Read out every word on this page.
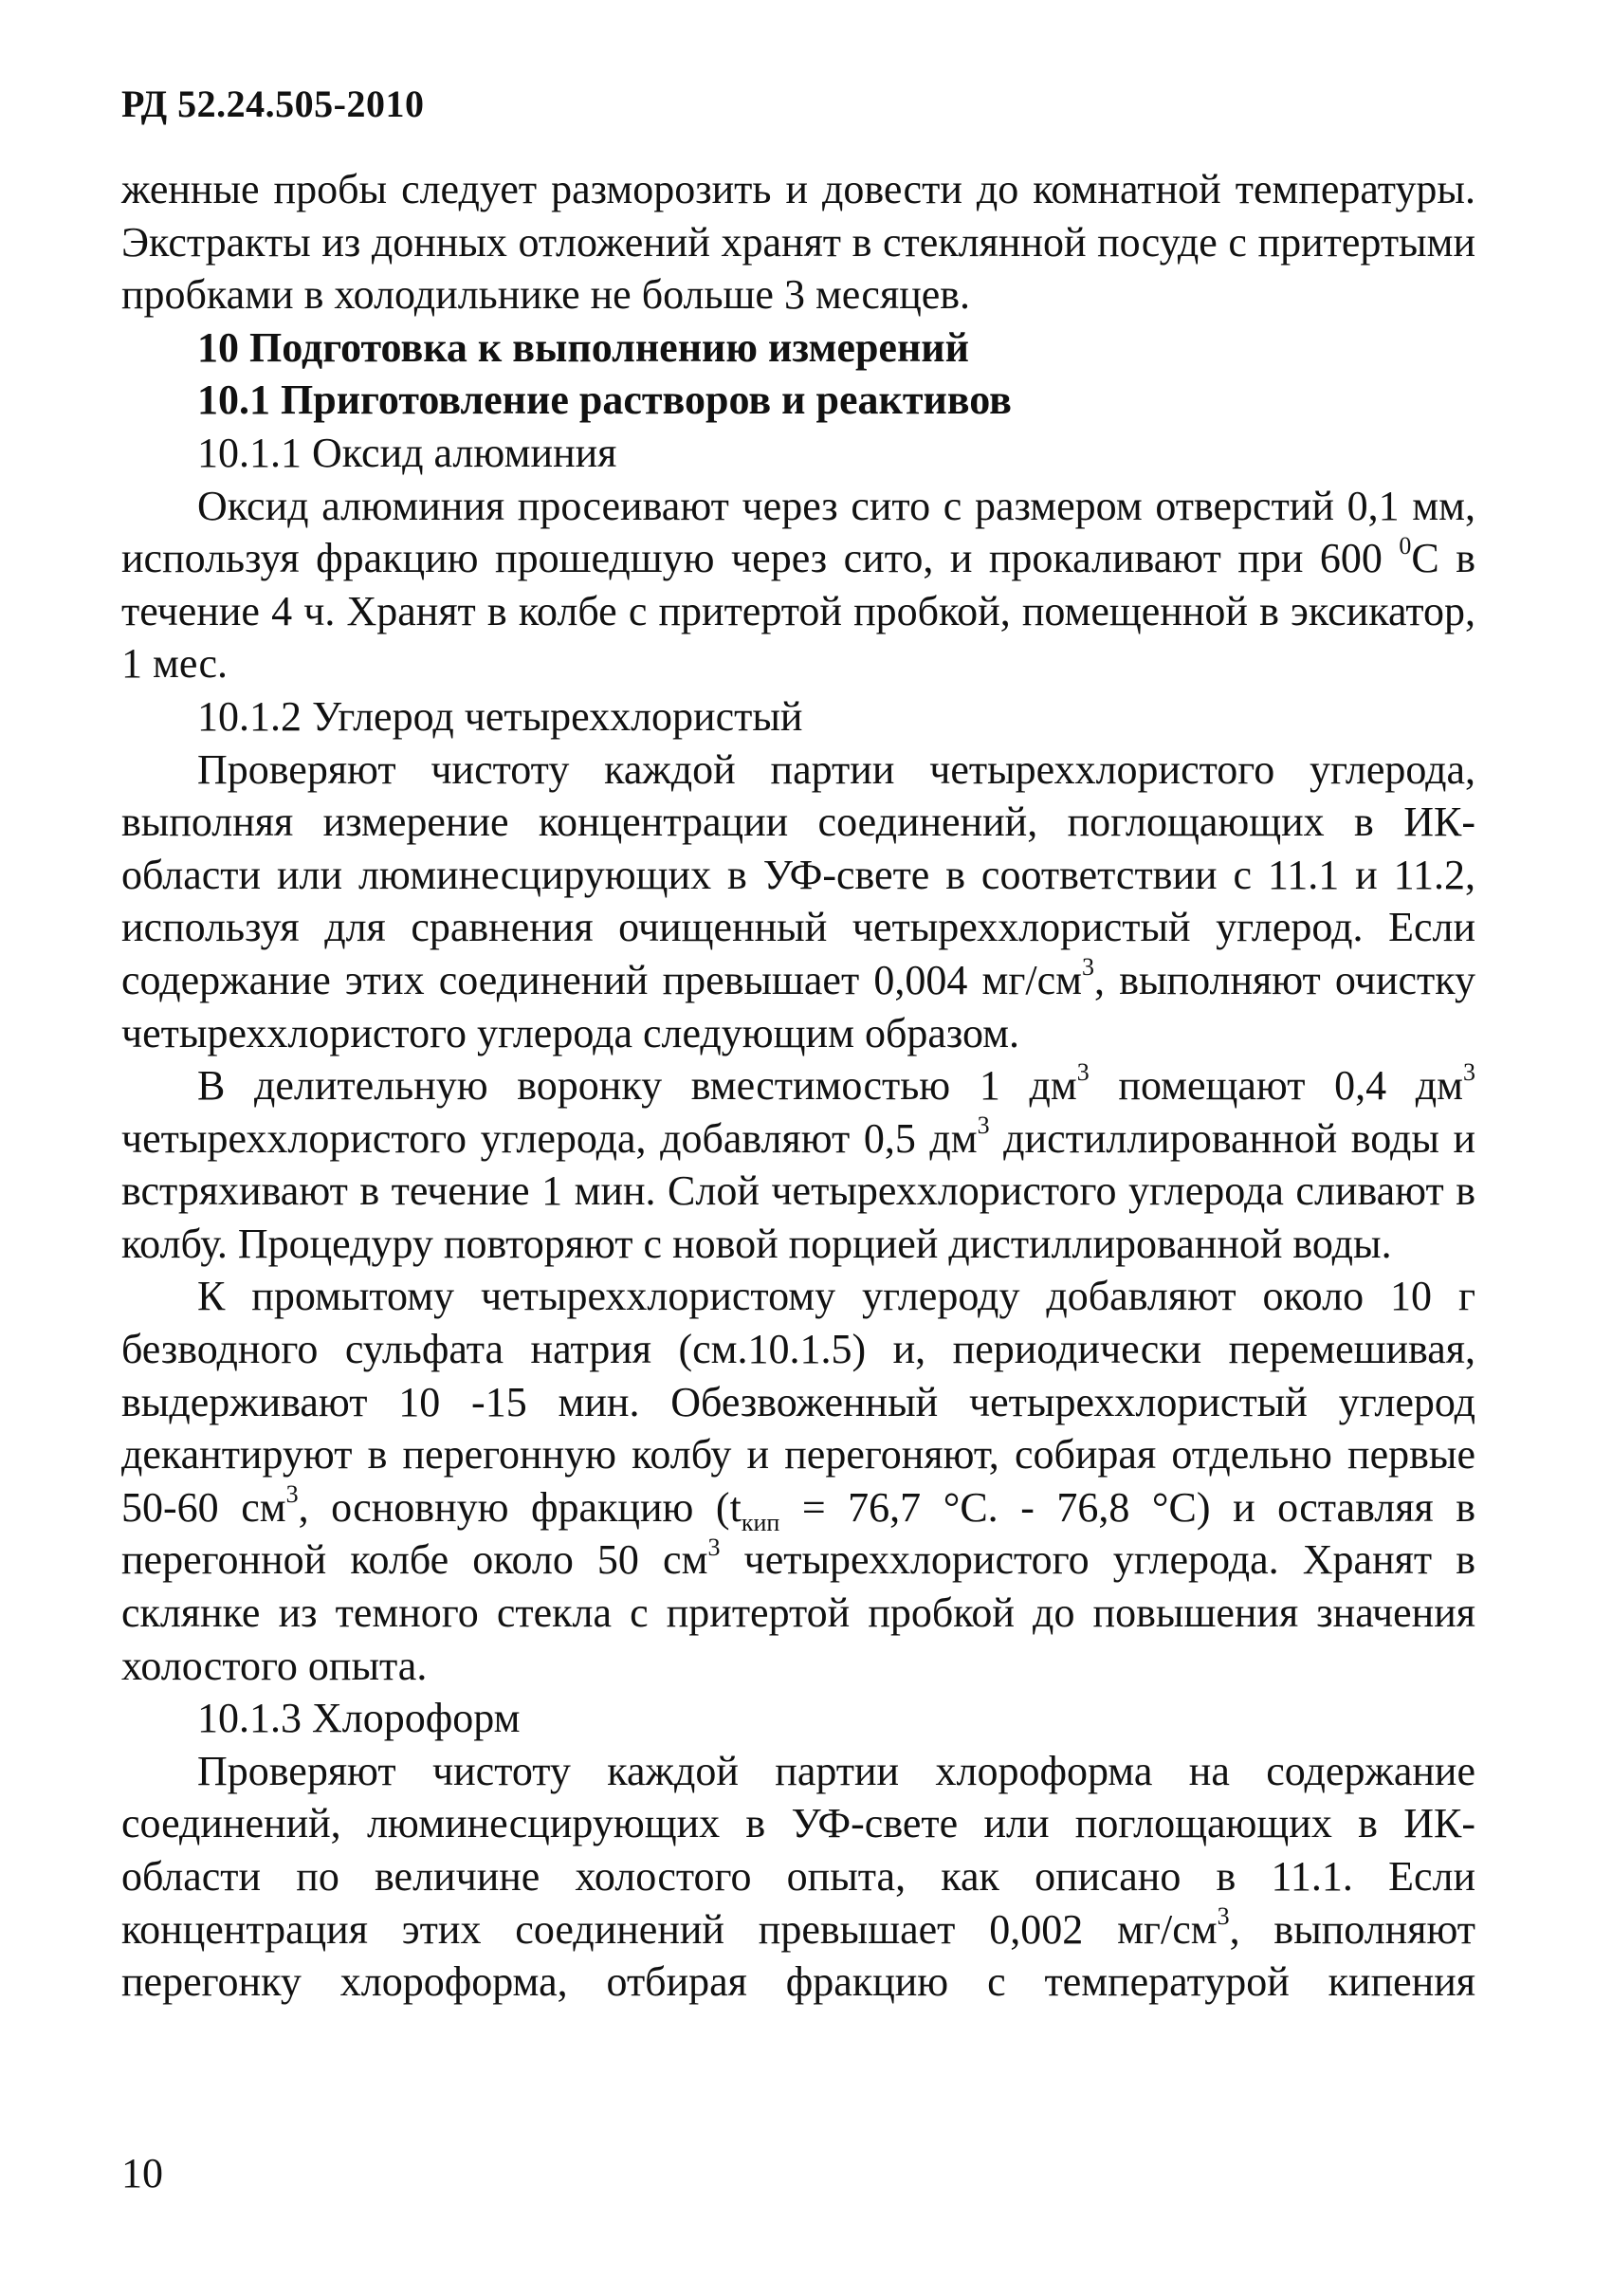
РД 52.24.505-2010

женные пробы следует разморозить и довести до комнатной температуры. Экстракты из донных отложений хранят в стеклянной посуде с притертыми пробками в холодильнике не больше 3 месяцев.

10 Подготовка к выполнению измерений

10.1 Приготовление растворов и реактивов

10.1.1 Оксид алюминия

Оксид алюминия просеивают через сито с размером отверстий 0,1 мм, используя фракцию прошедшую через сито, и прокаливают при 600 $^0$С в течение 4 ч. Хранят в колбе с притертой пробкой, помещенной в эксикатор, 1 мес.

10.1.2 Углерод четыреххлористый

Проверяют чистоту каждой партии четыреххлористого углерода, выполняя измерение концентрации соединений, поглощающих в ИК-области или люминесцирующих в УФ-свете в соответствии с 11.1 и 11.2, используя для сравнения очищенный четыреххлористый углерод. Если содержание этих соединений превышает 0,004 $мг/см^3$, выполняют очистку четыреххлористого углерода следующим образом.

В делительную воронку вместимостью 1 $дм^3$ помещают 0,4 $дм^3$ четыреххлористого углерода, добавляют 0,5 $дм^3$ дистиллированной воды и встряхивают в течение 1 мин. Слой четыреххлористого углерода сливают в колбу. Процедуру повторяют с новой порцией дистиллированной воды.

К промытому четыреххлористому углероду добавляют около 10 г безводного сульфата натрия (см.10.1.5) и, периодически перемешивая, выдерживают 10 -15 мин. Обезвоженный четыреххлористый углерод декантируют в перегонную колбу и перегоняют, собирая отдельно первые 50-60 $см^3$, основную фракцию ($t_{кип} = 76,7$ °С. - 76,8 °С) и оставляя в перегонной колбе около 50 $см^3$ четыреххлористого углерода. Хранят в склянке из темного стекла с притертой пробкой до повышения значения холостого опыта.

10.1.3 Хлороформ

Проверяют чистоту каждой партии хлороформа на содержание соединений, люминесцирующих в УФ-свете или поглощающих в ИК-области по величине холостого опыта, как описано в 11.1. Если концентрация этих соединений превышает 0,002 $мг/см^3$, выполняют перегонку хлороформа, отбирая фракцию с температурой кипения

10
